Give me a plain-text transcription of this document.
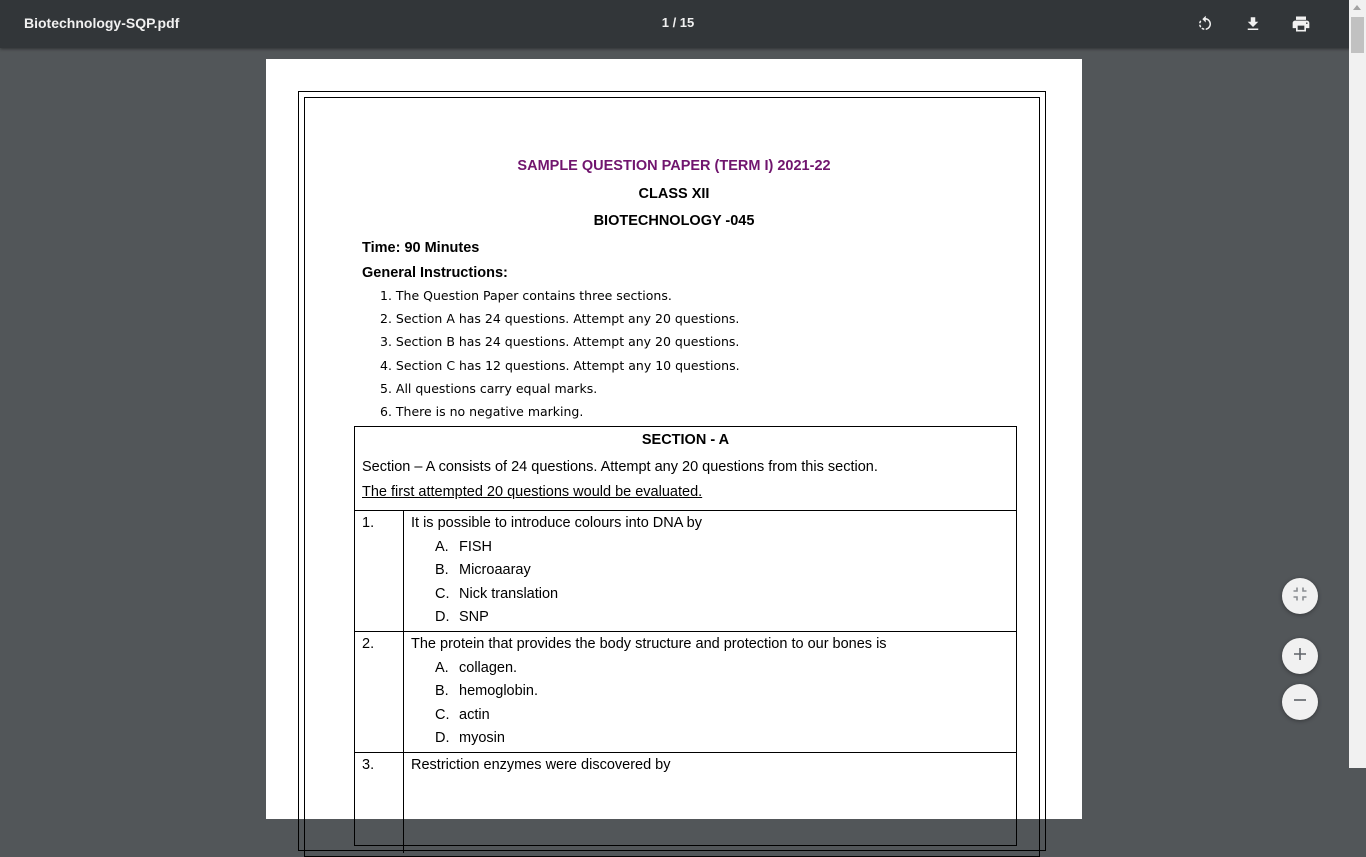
Biotechnology-SQP.pdf	1 / 15
SAMPLE QUESTION PAPER (TERM I) 2021-22
CLASS XII
BIOTECHNOLOGY -045
Time: 90 Minutes
General Instructions:
1. The Question Paper contains three sections.
2. Section A has 24 questions. Attempt any 20 questions.
3. Section B has 24 questions. Attempt any 20 questions.
4. Section C has 12 questions. Attempt any 10 questions.
5. All questions carry equal marks.
6. There is no negative marking.
SECTION - A
Section – A consists of 24 questions. Attempt any 20 questions from this section.
The first attempted 20 questions would be evaluated.
1.	It is possible to introduce colours into DNA by
A. FISH
B. Microaaray
C. Nick translation
D. SNP
2.	The protein that provides the body structure and protection to our bones is
A. collagen.
B. hemoglobin.
C. actin
D. myosin
3.	Restriction enzymes were discovered by
